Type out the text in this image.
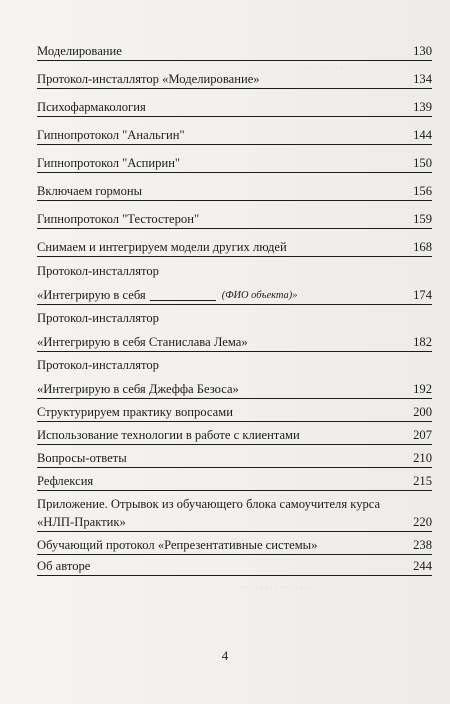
. . . . . . . . . .
. . . . . .
. . . . . . . . . . . . . . . .
Моделирование	130
Протокол-инсталлятор «Моделирование»	134
Психофармакология	139
Гипнопротокол "Анальгин"	144
Гипнопротокол "Аспирин"	150
Включаем гормоны	156
Гипнопротокол "Тестостерон"	159
Снимаем и интегрируем модели других людей	168
Протокол-инсталлятор
«Интегрирую в себя	(ФИО объекта)»	174
Протокол-инсталлятор
«Интегрирую в себя Станислава Лема»	182
Протокол-инсталлятор
«Интегрирую в себя Джеффа Безоса»	192
Структурируем практику вопросами	200
Использование технологии в работе с клиентами	207
Вопросы-ответы	210
Рефлексия	215
Приложение. Отрывок из обучающего блока самоучителя курса
«НЛП-Практик»	220
Обучающий протокол «Репрезентативные системы»	238
Об авторе	244
4
